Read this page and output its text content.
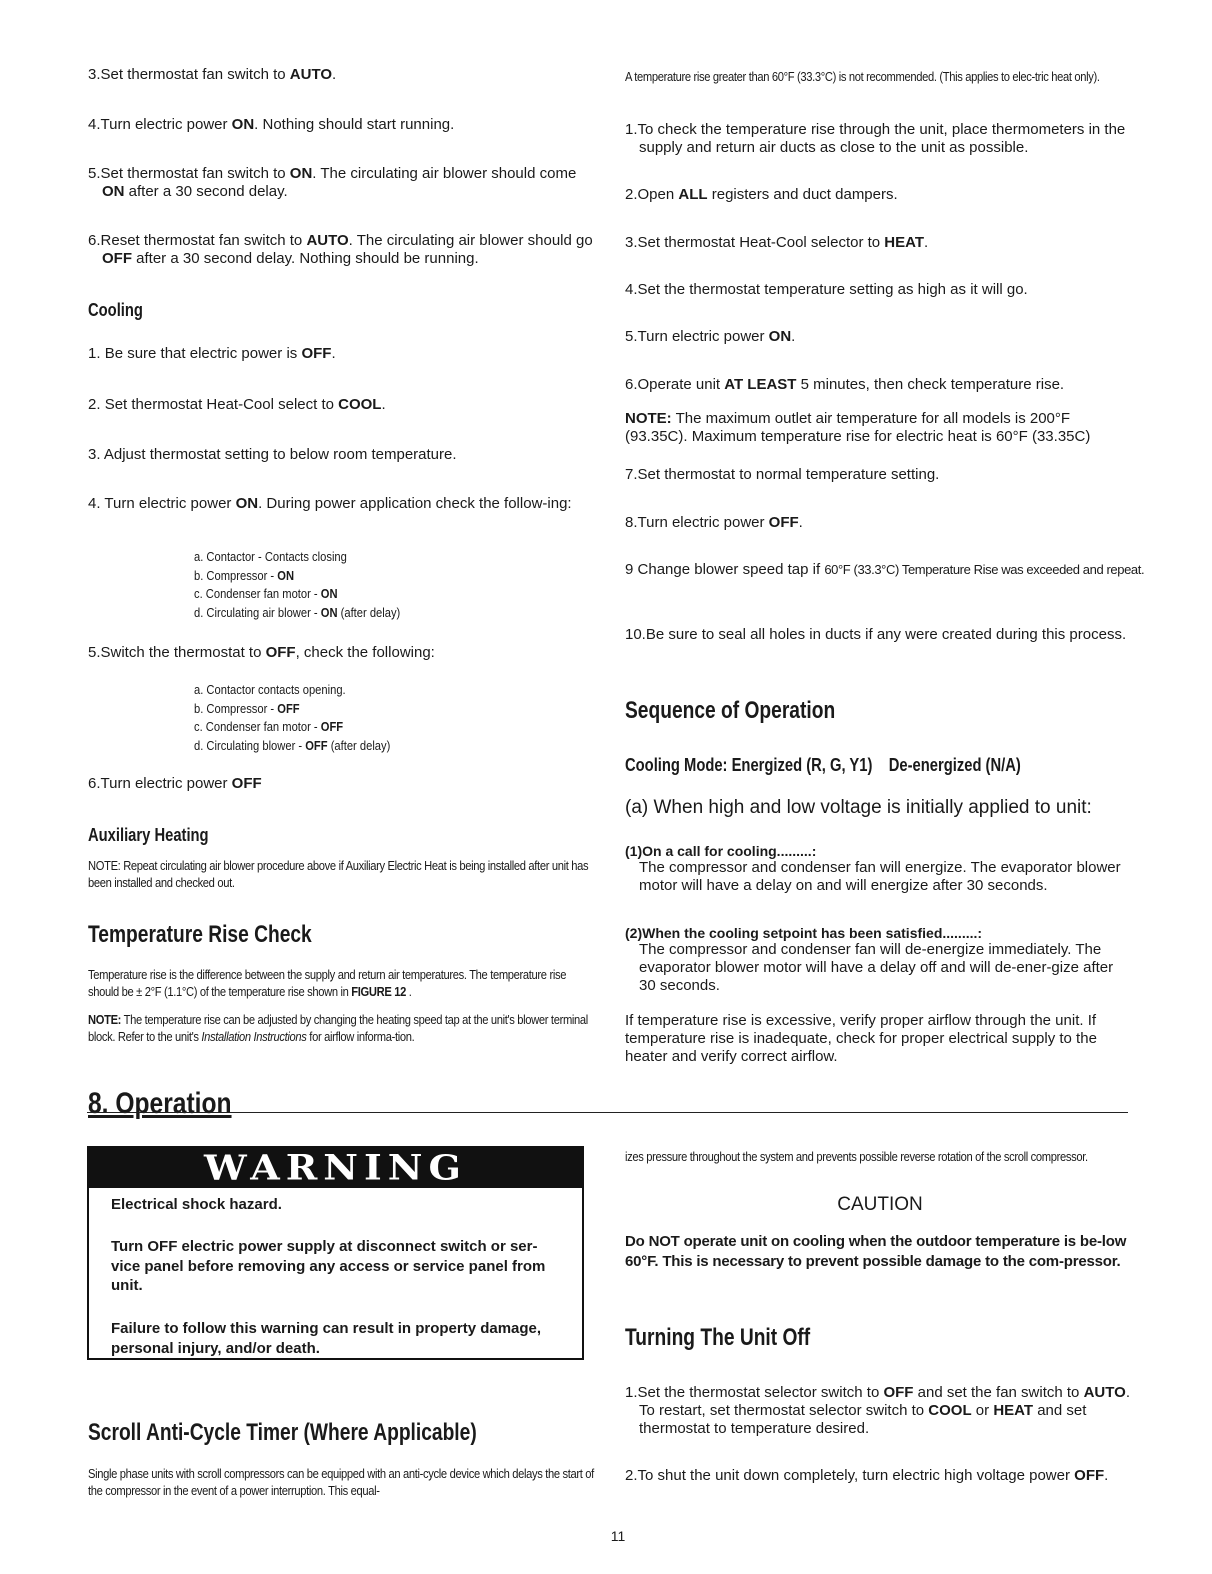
3.Set thermostat fan switch to AUTO.
4.Turn electric power ON. Nothing should start running.
5.Set thermostat fan switch to ON. The circulating air blower should come ON after a 30 second delay.
6.Reset thermostat fan switch to AUTO. The circulating air blower should go OFF after a 30 second delay. Nothing should be running.
Cooling
1. Be sure that electric power is OFF.
2. Set thermostat Heat-Cool select to COOL.
3. Adjust thermostat setting to below room temperature.
4. Turn electric power ON. During power application check the follow-ing:
a. Contactor - Contacts closing
b. Compressor - ON
c. Condenser fan motor - ON
d. Circulating air blower - ON (after delay)
5.Switch the thermostat to OFF, check the following:
a. Contactor contacts opening.
b. Compressor - OFF
c. Condenser fan motor - OFF
d. Circulating blower - OFF (after delay)
6.Turn electric power OFF
Auxiliary Heating
NOTE: Repeat circulating air blower procedure above if Auxiliary Electric Heat is being installed after unit has been installed and checked out.
Temperature Rise Check
Temperature rise is the difference between the supply and return air temperatures. The temperature rise should be ± 2°F (1.1°C) of the temperature rise shown in FIGURE 12 .
NOTE: The temperature rise can be adjusted by changing the heating speed tap at the unit's blower terminal block. Refer to the unit's Installation Instructions for airflow informa-tion.
A temperature rise greater than 60°F (33.3°C) is not recommended. (This applies to elec-tric heat only).
1.To check the temperature rise through the unit, place thermometers in the supply and return air ducts as close to the unit as possible.
2.Open ALL registers and duct dampers.
3.Set thermostat Heat-Cool selector to HEAT.
4.Set the thermostat temperature setting as high as it will go.
5.Turn electric power ON.
6.Operate unit AT LEAST 5 minutes, then check temperature rise.
NOTE: The maximum outlet air temperature for all models is 200°F (93.35C). Maximum temperature rise for electric heat is 60°F (33.35C)
7.Set thermostat to normal temperature setting.
8.Turn electric power OFF.
9 Change blower speed tap if 60°F (33.3°C) Temperature Rise was exceeded and repeat.
10.Be sure to seal all holes in ducts if any were created during this process.
Sequence of Operation
Cooling Mode: Energized (R, G, Y1)    De-energized (N/A)
(a) When high and low voltage is initially applied to unit:
(1)On a call for cooling.........:
The compressor and condenser fan will energize. The evaporator blower motor will have a delay on and will energize after 30 seconds.
(2)When the cooling setpoint has been satisfied.........:
The compressor and condenser fan will de-energize immediately. The evaporator blower motor will have a delay off and will de-ener-gize after 30 seconds.
If temperature rise is excessive, verify proper airflow through the unit. If temperature rise is inadequate, check for proper electrical supply to the heater and verify correct airflow.
8. Operation
WARNING
Electrical shock hazard.
Turn OFF electric power supply at disconnect switch or ser-vice panel before removing any access or service panel from unit.
Failure to follow this warning can result in property damage, personal injury, and/or death.
Scroll Anti-Cycle Timer (Where Applicable)
Single phase units with scroll compressors can be equipped with an anti-cycle device which delays the start of the compressor in the event of a power interruption. This equal-
izes pressure throughout the system and prevents possible reverse rotation of the scroll compressor.
CAUTION
Do NOT operate unit on cooling when the outdoor temperature is be-low 60°F. This is necessary to prevent possible damage to the com-pressor.
Turning The Unit Off
1.Set the thermostat selector switch to OFF and set the fan switch to AUTO. To restart, set thermostat selector switch to COOL or HEAT and set thermostat to temperature desired.
2.To shut the unit down completely, turn electric high voltage power OFF.
11
